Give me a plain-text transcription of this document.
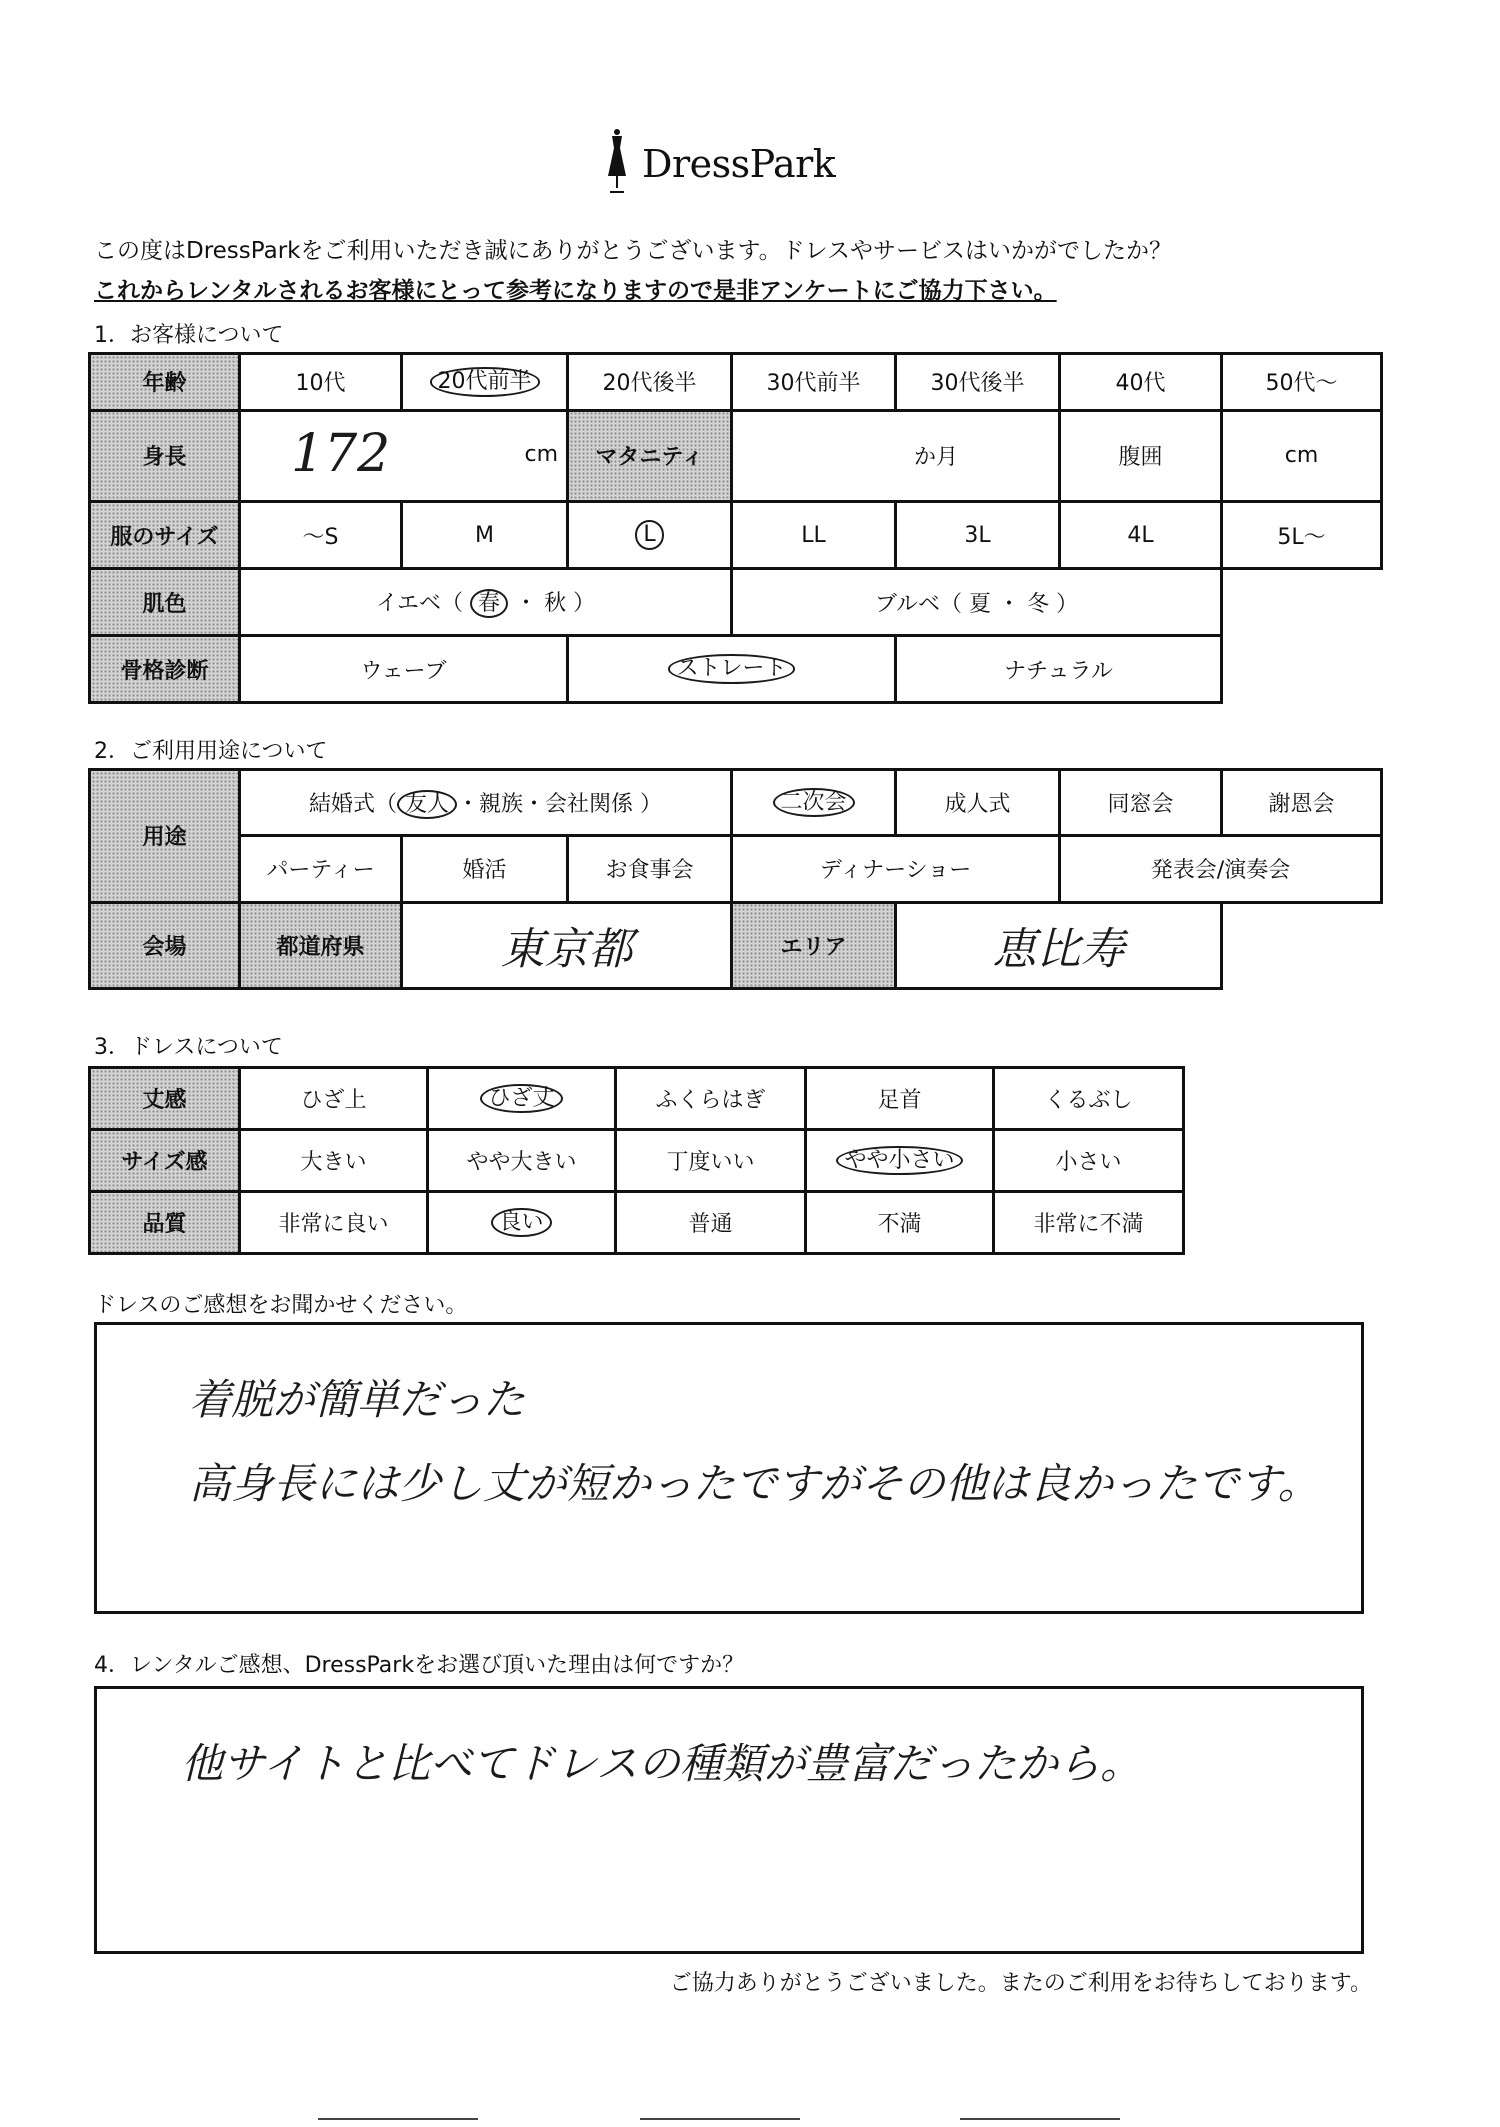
DressPark
この度はDressParkをご利用いただき誠にありがとうございます。ドレスやサービスはいかがでしたか？
これからレンタルされるお客様にとって参考になりますので是非アンケートにご協力下さい。
1．お客様について
年齢	10代	20代前半	20代後半	30代前半	30代後半	40代	50代～
身長	172 cm		マタニティ	か月		腹囲	cm
服のサイズ	～S	M	L	LL	3L	4L	5L～
肌色	イエベ（ 春 ・ 秋 ）			ブルベ（ 夏 ・ 冬 ）			
骨格診断	ウェーブ		ストレート		ナチュラル		
2．ご利用用途について
用途	結婚式（ 友人 ・親族・会社関係 ）			二次会	成人式	同窓会	謝恩会
	パーティー	婚活	お食事会	ディナーショー		発表会/演奏会	
会場	都道府県	東京都		エリア	恵比寿		
3．ドレスについて
丈感	ひざ上	ひざ丈	ふくらはぎ	足首	くるぶし
サイズ感	大きい	やや大きい	丁度いい	やや小さい	小さい
品質	非常に良い	良い	普通	不満	非常に不満
ドレスのご感想をお聞かせください。
着脱が簡単だった
高身長には少し丈が短かったですがその他は良かったです。
4．レンタルご感想、DressParkをお選び頂いた理由は何ですか？
他サイトと比べてドレスの種類が豊富だったから。
ご協力ありがとうございました。またのご利用をお待ちしております。
